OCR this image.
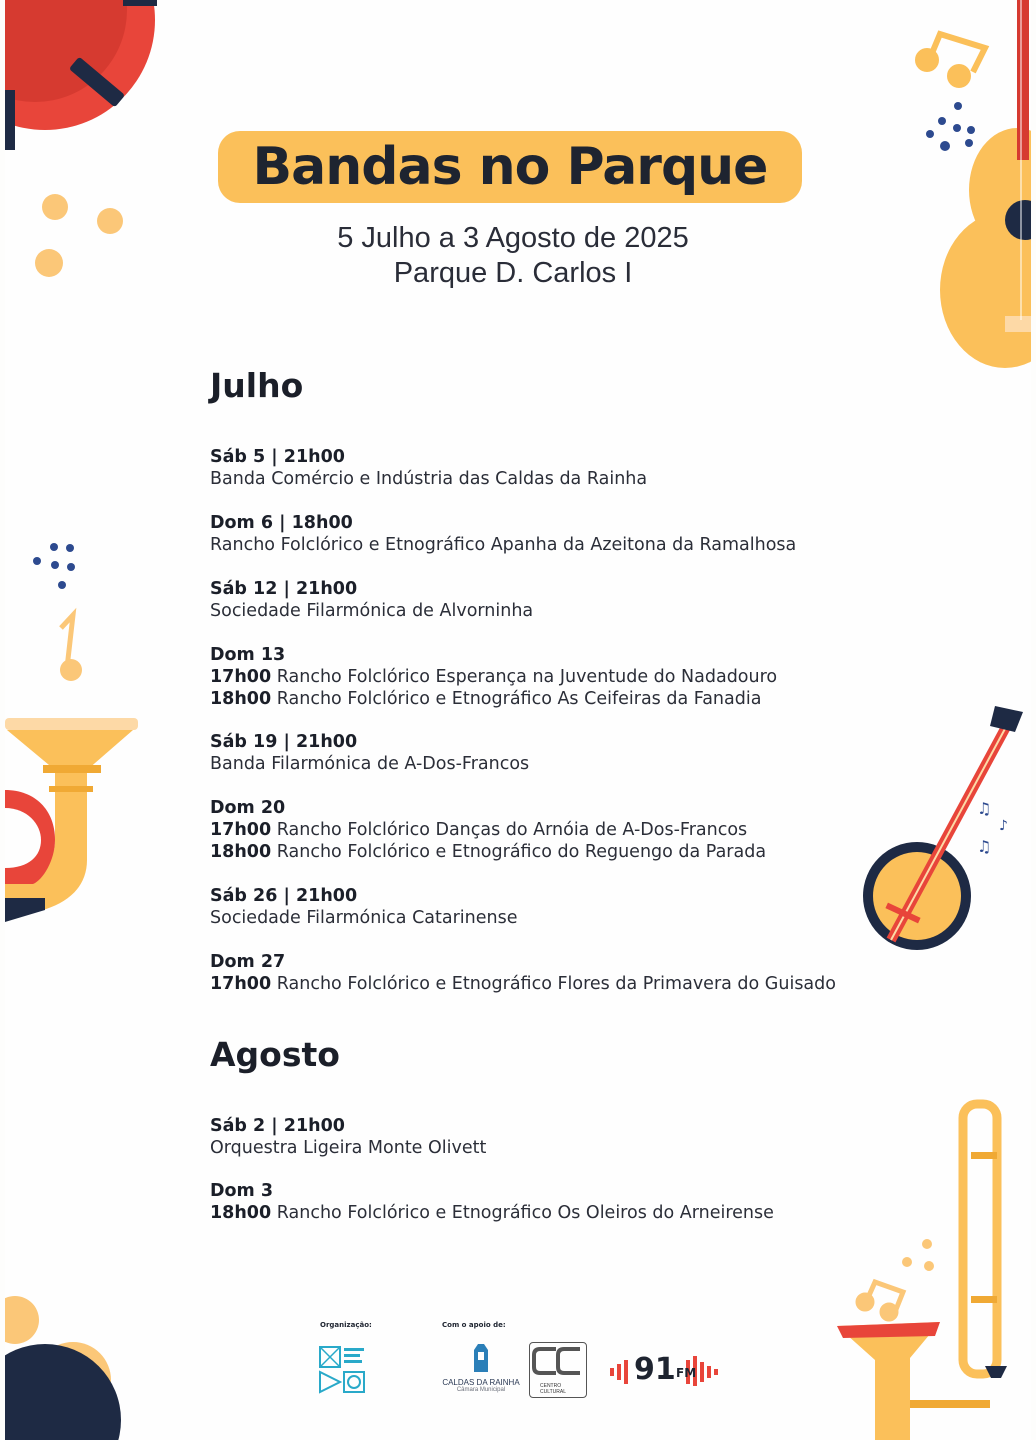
♫
♪
♫
Bandas no Parque
5 Julho a 3 Agosto de 2025
Parque D. Carlos I
Julho
Sáb 5 | 21h00
Banda Comércio e Indústria das Caldas da Rainha
Dom 6 | 18h00
Rancho Folclórico e Etnográfico Apanha da Azeitona da Ramalhosa
Sáb 12 | 21h00
Sociedade Filarmónica de Alvorninha
Dom 13
17h00 Rancho Folclórico Esperança na Juventude do Nadadouro
18h00 Rancho Folclórico e Etnográfico As Ceifeiras da Fanadia
Sáb 19 | 21h00
Banda Filarmónica de A-Dos-Francos
Dom 20
17h00 Rancho Folclórico Danças do Arnóia de A-Dos-Francos
18h00 Rancho Folclórico e Etnográfico do Reguengo da Parada
Sáb 26 | 21h00
Sociedade Filarmónica Catarinense
Dom 27
17h00 Rancho Folclórico e Etnográfico Flores da Primavera do Guisado
Agosto
Sáb 2 | 21h00
Orquestra Ligeira Monte Olivett
Dom 3
18h00 Rancho Folclórico e Etnográfico Os Oleiros do Arneirense
Organização:	Com o apoio de:
CALDAS DA RAINHA
Câmara Municipal
CENTRO CULTURAL
91 FM
